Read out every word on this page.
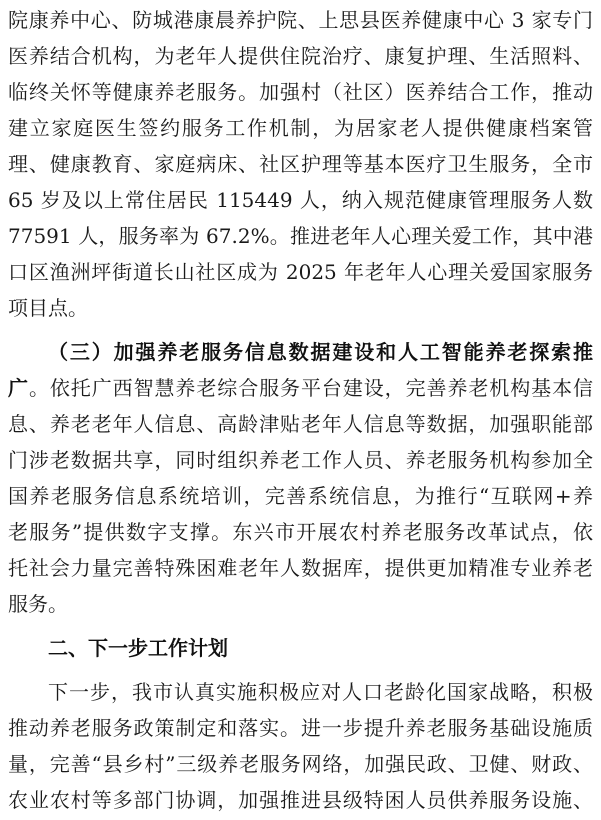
院康养中心、防城港康晨养护院、上思县医养健康中心 3 家专门
医养结合机构，为老年人提供住院治疗、康复护理、生活照料、
临终关怀等健康养老服务。加强村（社区）医养结合工作，推动
建立家庭医生签约服务工作机制，为居家老人提供健康档案管
理、健康教育、家庭病床、社区护理等基本医疗卫生服务，全市
65 岁及以上常住居民 115449 人，纳入规范健康管理服务人数
77591 人，服务率为 67.2%。推进老年人心理关爱工作，其中港
口区渔洲坪街道长山社区成为 2025 年老年人心理关爱国家服务
项目点。
（三）加强养老服务信息数据建设和人工智能养老探索推
广。依托广西智慧养老综合服务平台建设，完善养老机构基本信
息、养老老年人信息、高龄津贴老年人信息等数据，加强职能部
门涉老数据共享，同时组织养老工作人员、养老服务机构参加全
国养老服务信息系统培训，完善系统信息，为推行“互联网+养
老服务”提供数字支撑。东兴市开展农村养老服务改革试点，依
托社会力量完善特殊困难老年人数据库，提供更加精准专业养老
服务。
二、下一步工作计划
下一步，我市认真实施积极应对人口老龄化国家战略，积极
推动养老服务政策制定和落实。进一步提升养老服务基础设施质
量，完善“县乡村”三级养老服务网络，加强民政、卫健、财政、
农业农村等多部门协调，加强推进县级特困人员供养服务设施、
